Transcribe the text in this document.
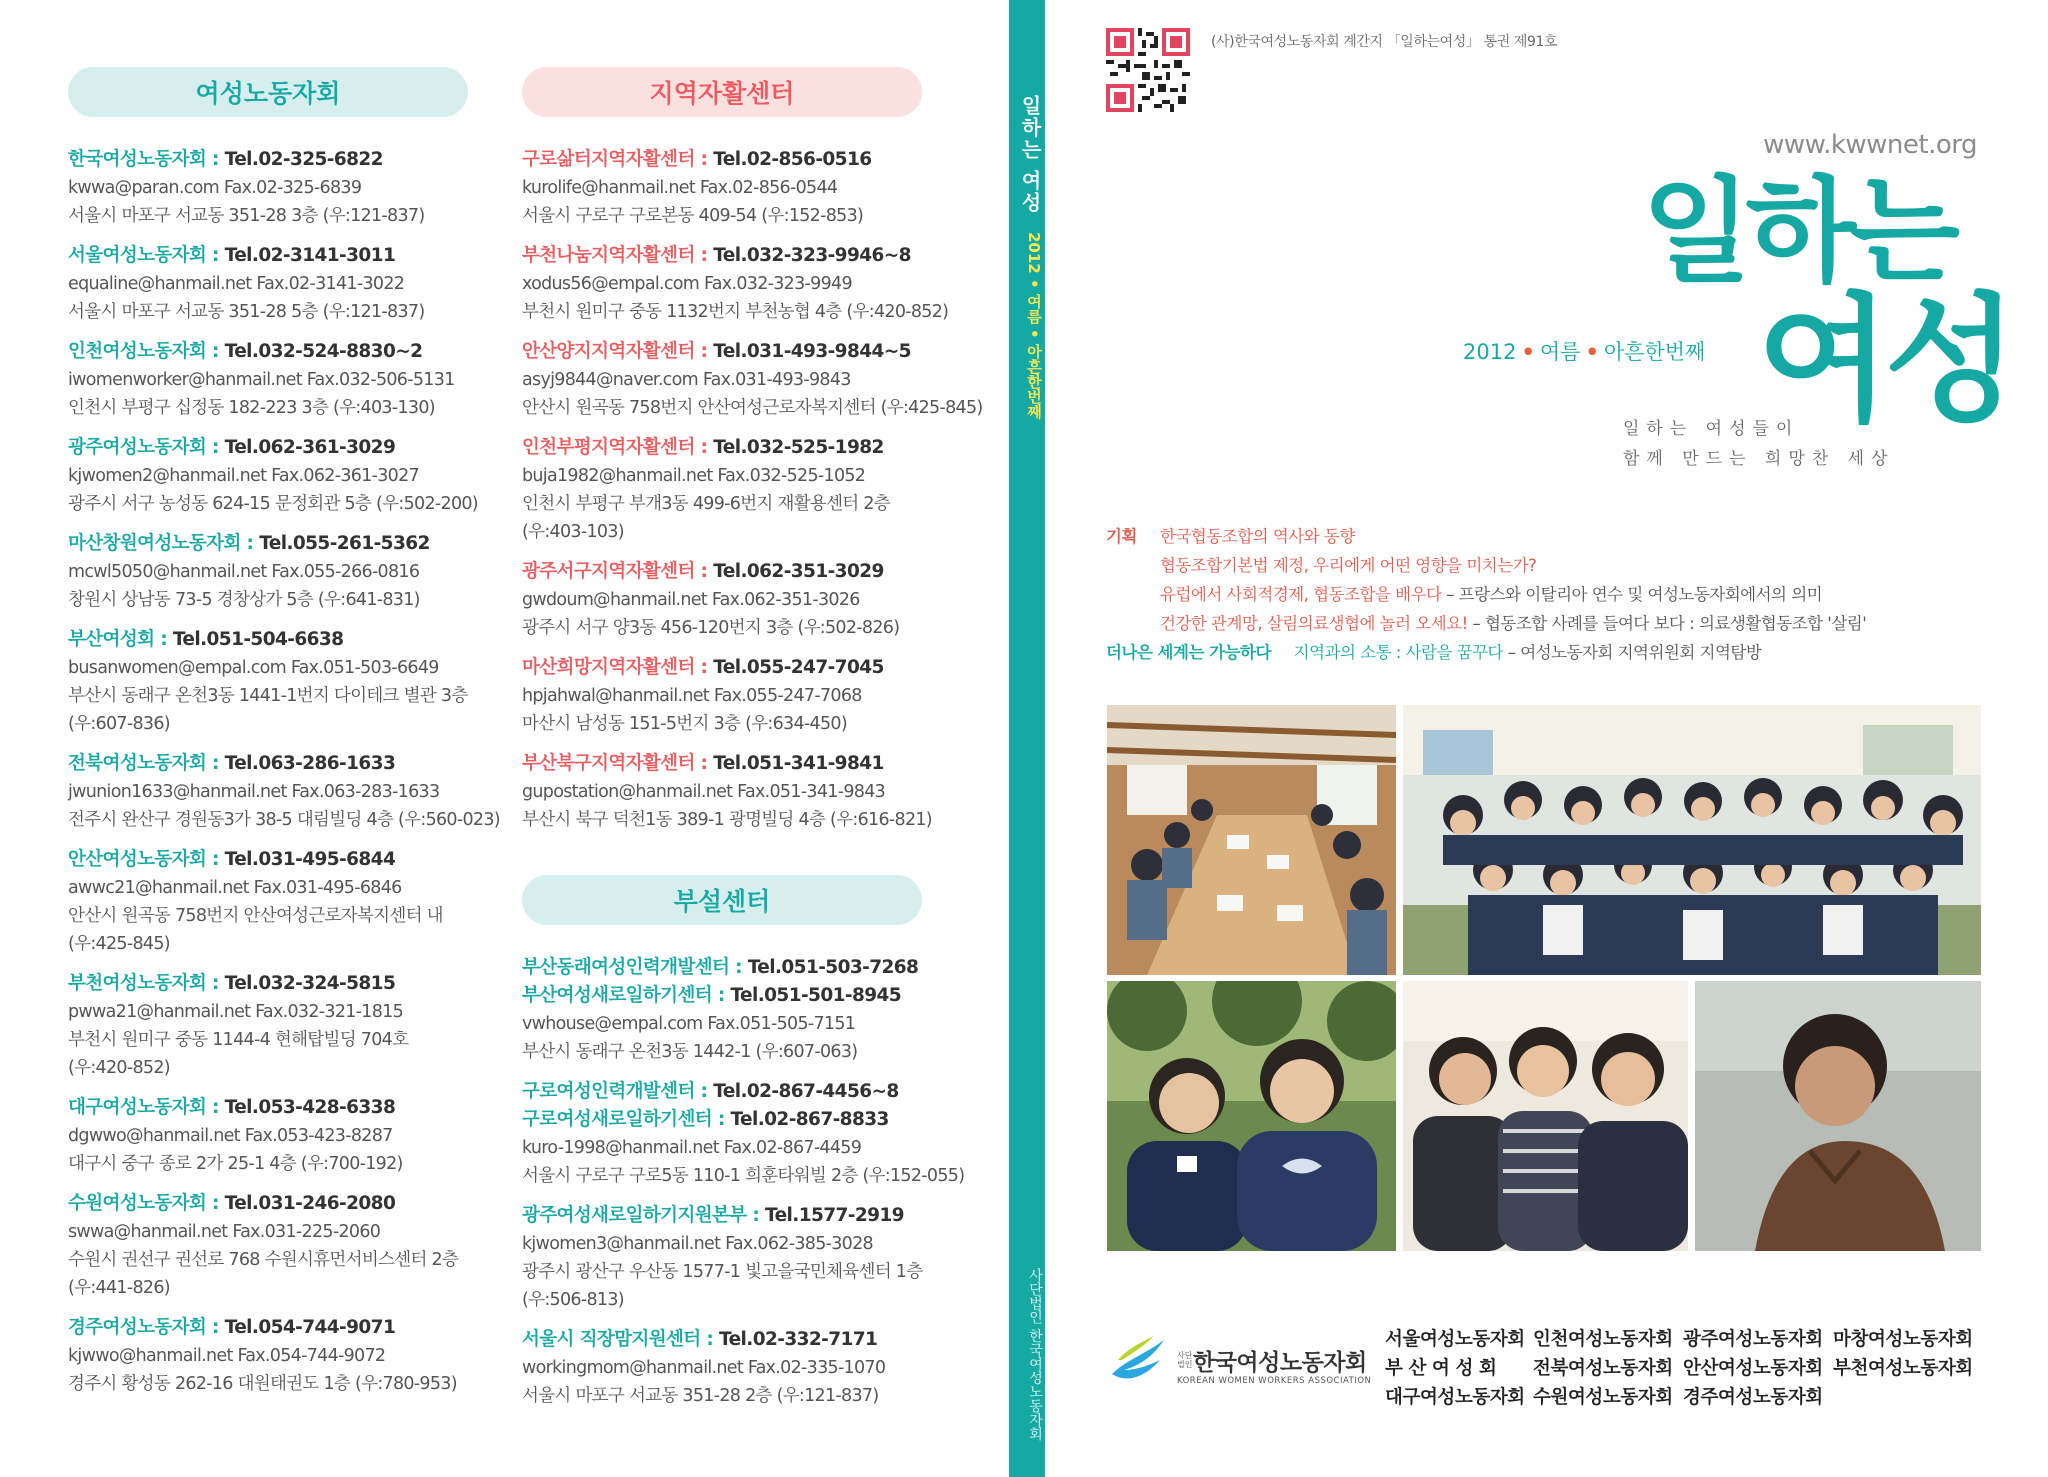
여성노동자회
한국여성노동자회 : Tel.02-325-6822
kwwa@paran.com Fax.02-325-6839
서울시 마포구 서교동 351-28 3층 (우:121-837)
서울여성노동자회 : Tel.02-3141-3011
equaline@hanmail.net Fax.02-3141-3022
서울시 마포구 서교동 351-28 5층 (우:121-837)
인천여성노동자회 : Tel.032-524-8830~2
iwomenworker@hanmail.net Fax.032-506-5131
인천시 부평구 십정동 182-223 3층 (우:403-130)
광주여성노동자회 : Tel.062-361-3029
kjwomen2@hanmail.net Fax.062-361-3027
광주시 서구 농성동 624-15 문정회관 5층 (우:502-200)
마산창원여성노동자회 : Tel.055-261-5362
mcwl5050@hanmail.net Fax.055-266-0816
창원시 상남동 73-5 경창상가 5층 (우:641-831)
부산여성회 : Tel.051-504-6638
busanwomen@empal.com Fax.051-503-6649
부산시 동래구 온천3동 1441-1번지 다이테크 별관 3층
(우:607-836)
전북여성노동자회 : Tel.063-286-1633
jwunion1633@hanmail.net Fax.063-283-1633
전주시 완산구 경원동3가 38-5 대림빌딩 4층 (우:560-023)
안산여성노동자회 : Tel.031-495-6844
awwc21@hanmail.net Fax.031-495-6846
안산시 원곡동 758번지 안산여성근로자복지센터 내
(우:425-845)
부천여성노동자회 : Tel.032-324-5815
pwwa21@hanmail.net Fax.032-321-1815
부천시 원미구 중동 1144-4 현해탑빌딩 704호
(우:420-852)
대구여성노동자회 : Tel.053-428-6338
dgwwo@hanmail.net Fax.053-423-8287
대구시 중구 종로 2가 25-1 4층 (우:700-192)
수원여성노동자회 : Tel.031-246-2080
swwa@hanmail.net Fax.031-225-2060
수원시 권선구 권선로 768 수원시휴먼서비스센터 2층
(우:441-826)
경주여성노동자회 : Tel.054-744-9071
kjwwo@hanmail.net Fax.054-744-9072
경주시 황성동 262-16 대원태권도 1층 (우:780-953)
지역자활센터
구로삶터지역자활센터 : Tel.02-856-0516
kurolife@hanmail.net Fax.02-856-0544
서울시 구로구 구로본동 409-54 (우:152-853)
부천나눔지역자활센터 : Tel.032-323-9946~8
xodus56@empal.com Fax.032-323-9949
부천시 원미구 중동 1132번지 부천농협 4층 (우:420-852)
안산양지지역자활센터 : Tel.031-493-9844~5
asyj9844@naver.com Fax.031-493-9843
안산시 원곡동 758번지 안산여성근로자복지센터 (우:425-845)
인천부평지역자활센터 : Tel.032-525-1982
buja1982@hanmail.net Fax.032-525-1052
인천시 부평구 부개3동 499-6번지 재활용센터 2층
(우:403-103)
광주서구지역자활센터 : Tel.062-351-3029
gwdoum@hanmail.net Fax.062-351-3026
광주시 서구 양3동 456-120번지 3층 (우:502-826)
마산희망지역자활센터 : Tel.055-247-7045
hpjahwal@hanmail.net Fax.055-247-7068
마산시 남성동 151-5번지 3층 (우:634-450)
부산북구지역자활센터 : Tel.051-341-9841
gupostation@hanmail.net Fax.051-341-9843
부산시 북구 덕천1동 389-1 광명빌딩 4층 (우:616-821)
부설센터
부산동래여성인력개발센터 : Tel.051-503-7268
부산여성새로일하기센터 : Tel.051-501-8945
vwhouse@empal.com Fax.051-505-7151
부산시 동래구 온천3동 1442-1 (우:607-063)
구로여성인력개발센터 : Tel.02-867-4456~8
구로여성새로일하기센터 : Tel.02-867-8833
kuro-1998@hanmail.net Fax.02-867-4459
서울시 구로구 구로5동 110-1 희훈타워빌 2층 (우:152-055)
광주여성새로일하기지원본부 : Tel.1577-2919
kjwomen3@hanmail.net Fax.062-385-3028
광주시 광산구 우산동 1577-1 빛고을국민체육센터 1층
(우:506-813)
서울시 직장맘지원센터 : Tel.02-332-7171
workingmom@hanmail.net Fax.02-335-1070
서울시 마포구 서교동 351-28 2층 (우:121-837)
일하는 여성
2012 • 여름 • 아흔한번째
사단법인 한국여성노동자회
(사)한국여성노동자회 계간지 「일하는여성」 통권 제91호
www.kwwnet.org
일하는
여성
2012 • 여름 • 아흔한번째
일하는 여성들이
함께 만드는 희망찬 세상
기획 한국협동조합의 역사와 동향
협동조합기본법 제정, 우리에게 어떤 영향을 미치는가?
유럽에서 사회적경제, 협동조합을 배우다 – 프랑스와 이탈리아 연수 및 여성노동자회에서의 의미
건강한 관계망, 살림의료생협에 놀러 오세요! – 협동조합 사례를 들여다 보다 : 의료생활협동조합 '살림'
더나은 세계는 가능하다 지역과의 소통 : 사람을 꿈꾸다 – 여성노동자회 지역위원회 지역탐방
사단
법인 한국여성노동자회
KOREAN WOMEN WORKERS ASSOCIATION
서울여성노동자회 인천여성노동자회 광주여성노동자회 마창여성노동자회
부 산 여 성 회 전북여성노동자회 안산여성노동자회 부천여성노동자회
대구여성노동자회 수원여성노동자회 경주여성노동자회
